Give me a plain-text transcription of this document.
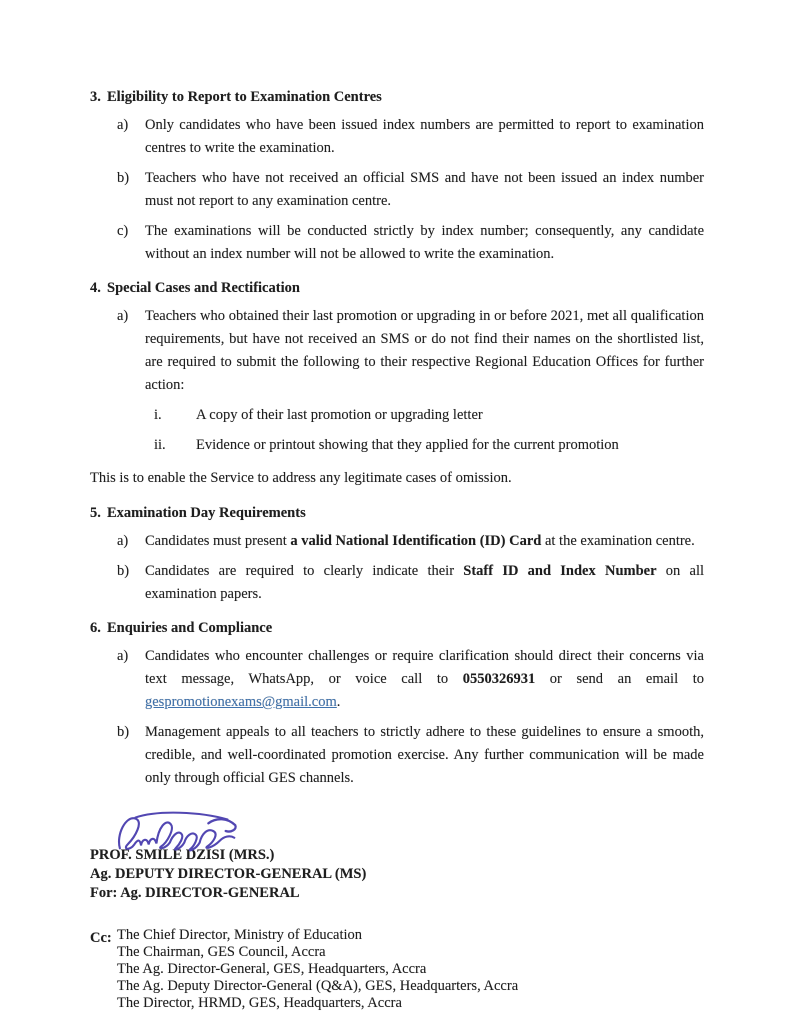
3. Eligibility to Report to Examination Centres
a)	Only candidates who have been issued index numbers are permitted to report to examination centres to write the examination.
b)	Teachers who have not received an official SMS and have not been issued an index number must not report to any examination centre.
c)	The examinations will be conducted strictly by index number; consequently, any candidate without an index number will not be allowed to write the examination.
4. Special Cases and Rectification
a)	Teachers who obtained their last promotion or upgrading in or before 2021, met all qualification requirements, but have not received an SMS or do not find their names on the shortlisted list, are required to submit the following to their respective Regional Education Offices for further action:
i.	A copy of their last promotion or upgrading letter
ii.	Evidence or printout showing that they applied for the current promotion
This is to enable the Service to address any legitimate cases of omission.
5. Examination Day Requirements
a)	Candidates must present a valid National Identification (ID) Card at the examination centre.
b)	Candidates are required to clearly indicate their Staff ID and Index Number on all examination papers.
6. Enquiries and Compliance
a)	Candidates who encounter challenges or require clarification should direct their concerns via text message, WhatsApp, or voice call to 0550326931 or send an email to gespromotionexams@gmail.com.
b)	Management appeals to all teachers to strictly adhere to these guidelines to ensure a smooth, credible, and well-coordinated promotion exercise. Any further communication will be made only through official GES channels.
PROF. SMILE DZISI (MRS.)
Ag. DEPUTY DIRECTOR-GENERAL (MS)
For: Ag. DIRECTOR-GENERAL
Cc: The Chief Director, Ministry of Education
The Chairman, GES Council, Accra
The Ag. Director-General, GES, Headquarters, Accra
The Ag. Deputy Director-General (Q&A), GES, Headquarters, Accra
The Director, HRMD, GES, Headquarters, Accra
